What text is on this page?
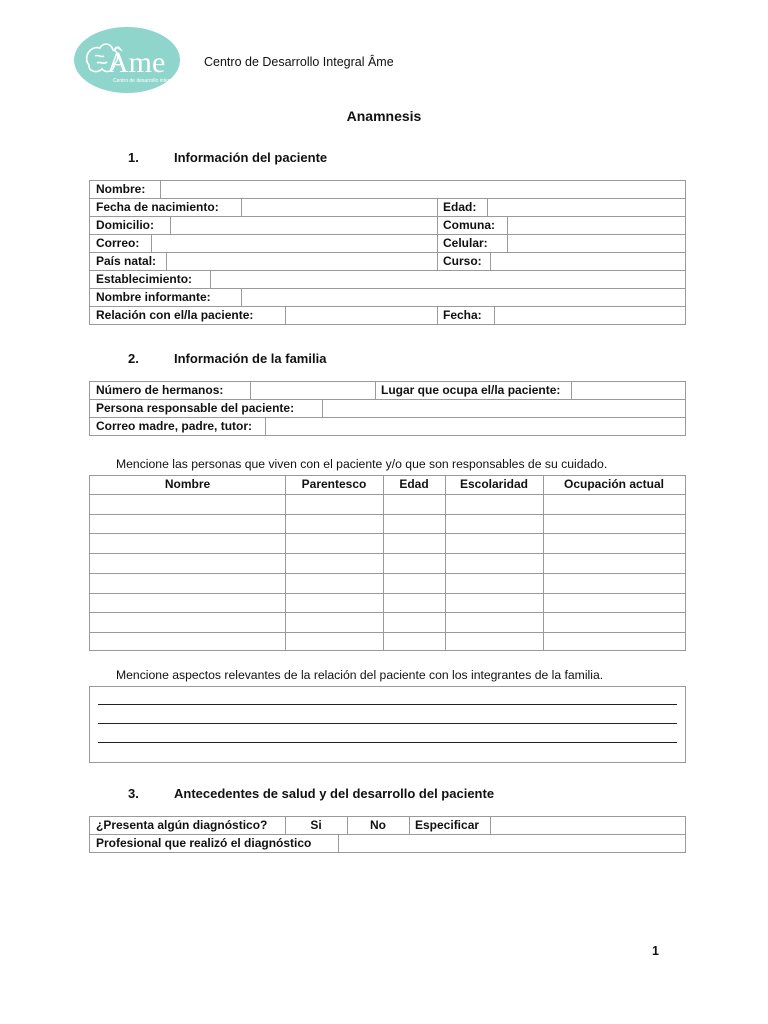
Âme
Centro de desarrollo integral
Centro de Desarrollo Integral Âme
Anamnesis
1.	Información del paciente
Nombre:
Fecha de nacimiento:	Edad:
Domicilio:	Comuna:
Correo:	Celular:
País natal:	Curso:
Establecimiento:
Nombre informante:
Relación con el/la paciente:	Fecha:
2.	Información de la familia
Número de hermanos:	Lugar que ocupa el/la paciente:
Persona responsable del paciente:
Correo madre, padre, tutor:
Mencione las personas que viven con el paciente y/o que son responsables de su cuidado.
Nombre	Parentesco	Edad	Escolaridad	Ocupación actual
Mencione aspectos relevantes de la relación del paciente con los integrantes de la familia.
3.	Antecedentes de salud y del desarrollo del paciente
¿Presenta algún diagnóstico?	Si	No	Especificar
Profesional que realizó el diagnóstico
1
